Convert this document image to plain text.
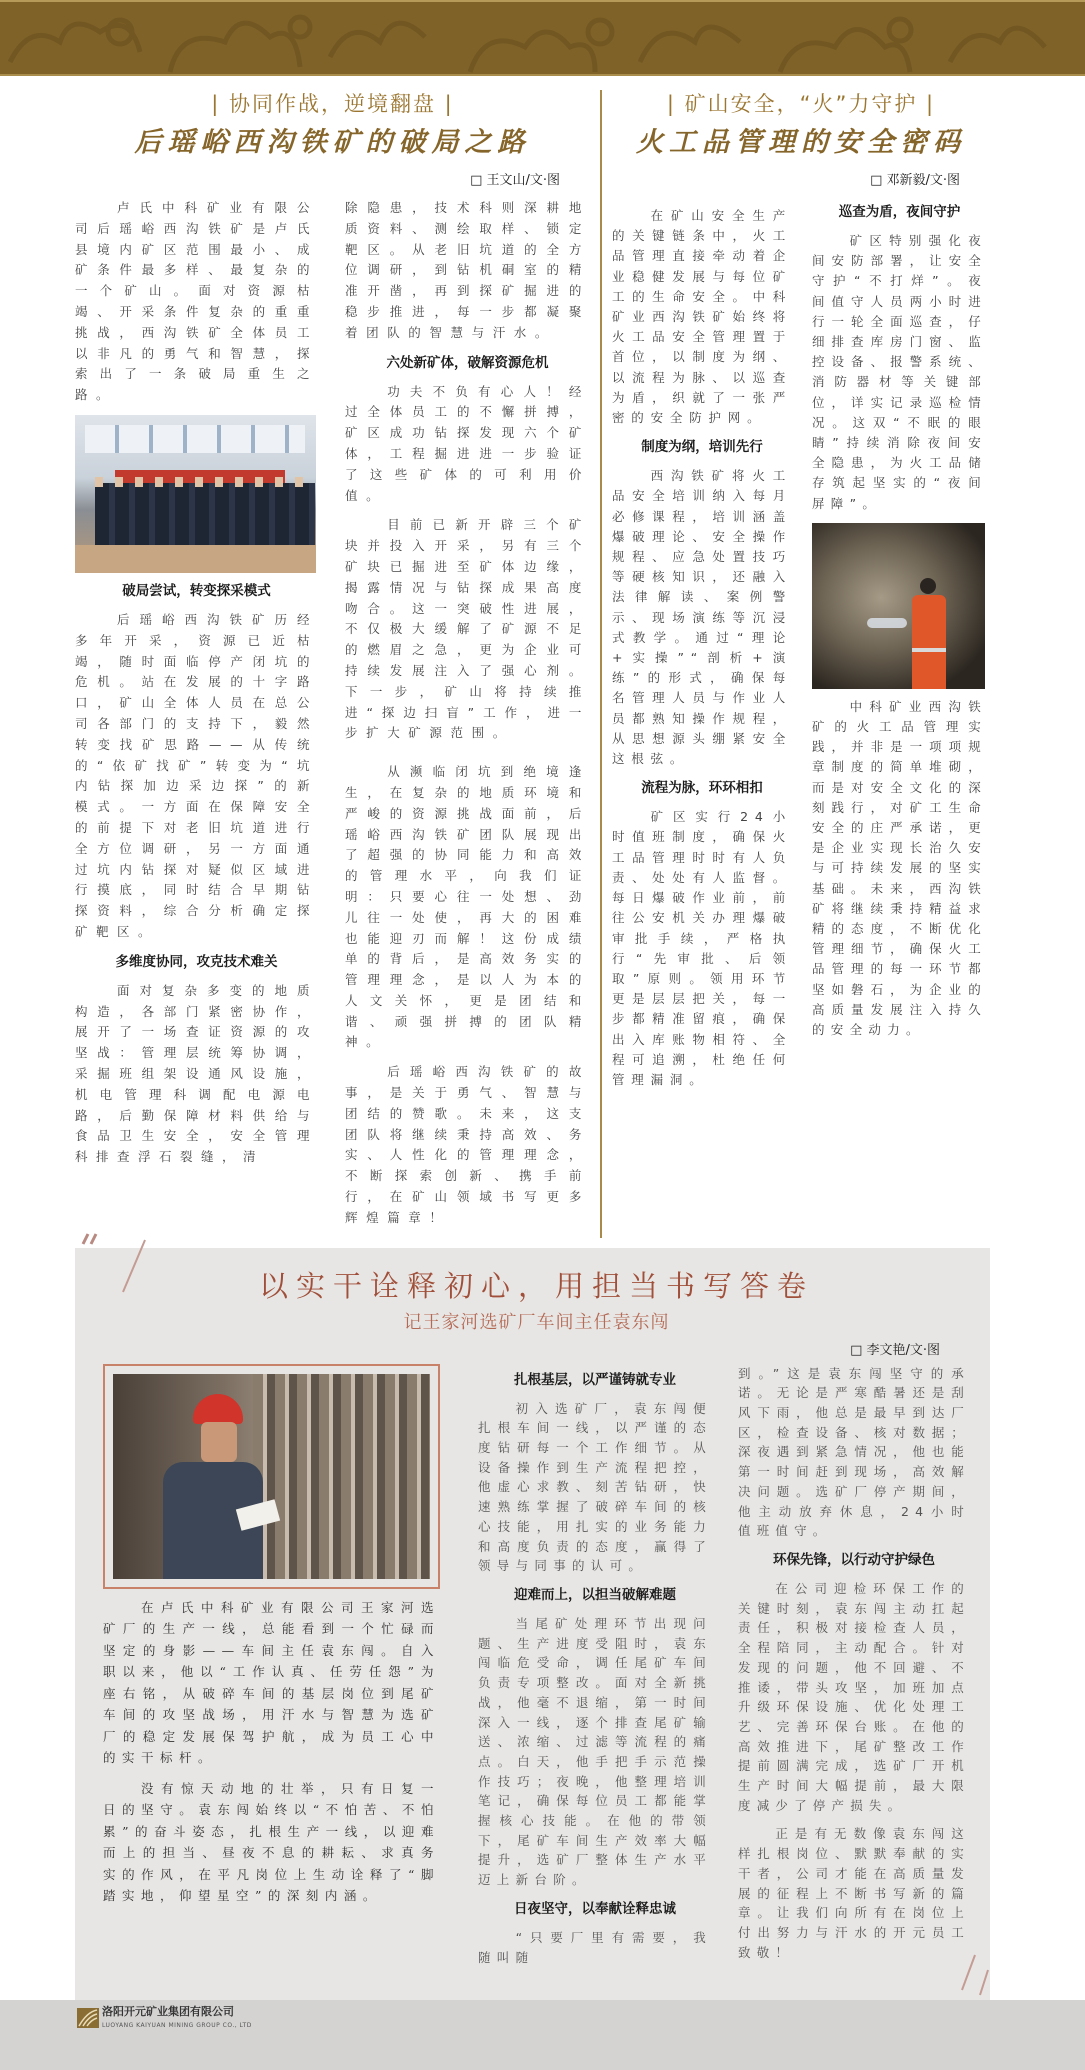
| 协同作战，逆境翻盘 |
后瑶峪西沟铁矿的破局之路
□ 王文山/文·图

卢氏中科矿业有限公司后瑶峪西沟铁矿是卢氏县境内矿区范围最小、成矿条件最多样、最复杂的一个矿山。面对资源枯竭、开采条件复杂的重重挑战，西沟铁矿全体员工以非凡的勇气和智慧，探索出了一条破局重生之路。

破局尝试，转变探采模式

后瑶峪西沟铁矿历经多年开采，资源已近枯竭，随时面临停产闭坑的危机。站在发展的十字路口，矿山全体人员在总公司各部门的支持下，毅然转变找矿思路——从传统的“依矿找矿”转变为“坑内钻探加边采边探”的新模式。一方面在保障安全的前提下对老旧坑道进行全方位调研，另一方面通过坑内钻探对疑似区域进行摸底，同时结合早期钻探资料，综合分析确定探矿靶区。

多维度协同，攻克技术难关

面对复杂多变的地质构造，各部门紧密协作，展开了一场查证资源的攻坚战：管理层统筹协调，采掘班组架设通风设施，机电管理科调配电源电路，后勤保障材料供给与食品卫生安全，安全管理科排查浮石裂缝，清

除隐患，技术科则深耕地质资料、测绘取样、锁定靶区。从老旧坑道的全方位调研，到钻机硐室的精准开凿，再到探矿掘进的稳步推进，每一步都凝聚着团队的智慧与汗水。

六处新矿体，破解资源危机

功夫不负有心人！经过全体员工的不懈拼搏，矿区成功钻探发现六个矿体，工程掘进进一步验证了这些矿体的可利用价值。

目前已新开辟三个矿块并投入开采，另有三个矿块已掘进至矿体边缘，揭露情况与钻探成果高度吻合。这一突破性进展，不仅极大缓解了矿源不足的燃眉之急，更为企业可持续发展注入了强心剂。下一步，矿山将持续推进“探边扫盲”工作，进一步扩大矿源范围。

从濒临闭坑到绝境逢生，在复杂的地质环境和严峻的资源挑战面前，后瑶峪西沟铁矿团队展现出了超强的协同能力和高效的管理水平，向我们证明：只要心往一处想、劲儿往一处使，再大的困难也能迎刃而解！这份成绩单的背后，是高效务实的管理理念，是以人为本的人文关怀，更是团结和谐、顽强拼搏的团队精神。

后瑶峪西沟铁矿的故事，是关于勇气、智慧与团结的赞歌。未来，这支团队将继续秉持高效、务实、人性化的管理理念，不断探索创新、携手前行，在矿山领域书写更多辉煌篇章！

| 矿山安全，“火”力守护 |
火工品管理的安全密码
□ 邓新毅/文·图

在矿山安全生产的关键链条中，火工品管理直接牵动着企业稳健发展与每位矿工的生命安全。中科矿业西沟铁矿始终将火工品安全管理置于首位，以制度为纲、以流程为脉、以巡查为盾，织就了一张严密的安全防护网。

制度为纲，培训先行

西沟铁矿将火工品安全培训纳入每月必修课程，培训涵盖爆破理论、安全操作规程、应急处置技巧等硬核知识，还融入法律解读、案例警示、现场演练等沉浸式教学。通过“理论+实操”“剖析+演练”的形式，确保每名管理人员与作业人员都熟知操作规程，从思想源头绷紧安全这根弦。

流程为脉，环环相扣

矿区实行24小时值班制度，确保火工品管理时时有人负责、处处有人监督。每日爆破作业前，前往公安机关办理爆破审批手续，严格执行“先审批、后领取”原则。领用环节更是层层把关，每一步都精准留痕，确保出入库账物相符、全程可追溯，杜绝任何管理漏洞。

巡查为盾，夜间守护

矿区特别强化夜间安防部署，让安全守护“不打烊”。夜间值守人员两小时进行一轮全面巡查，仔细排查库房门窗、监控设备、报警系统、消防器材等关键部位，详实记录巡检情况。这双“不眠的眼睛”持续消除夜间安全隐患，为火工品储存筑起坚实的“夜间屏障”。

中科矿业西沟铁矿的火工品管理实践，并非是一项项规章制度的简单堆砌，而是对安全文化的深刻践行，对矿工生命安全的庄严承诺，更是企业实现长治久安与可持续发展的坚实基础。未来，西沟铁矿将继续秉持精益求精的态度，不断优化管理细节，确保火工品管理的每一环节都坚如磐石，为企业的高质量发展注入持久的安全动力。

以实干诠释初心，用担当书写答卷
记王家河选矿厂车间主任袁东闯
□ 李文艳/文·图

在卢氏中科矿业有限公司王家河选矿厂的生产一线，总能看到一个忙碌而坚定的身影——车间主任袁东闯。自入职以来，他以“工作认真、任劳任怨”为座右铭，从破碎车间的基层岗位到尾矿车间的攻坚战场，用汗水与智慧为选矿厂的稳定发展保驾护航，成为员工心中的实干标杆。

没有惊天动地的壮举，只有日复一日的坚守。袁东闯始终以“不怕苦、不怕累”的奋斗姿态，扎根生产一线，以迎难而上的担当、昼夜不息的耕耘、求真务实的作风，在平凡岗位上生动诠释了“脚踏实地，仰望星空”的深刻内涵。

扎根基层，以严谨铸就专业

初入选矿厂，袁东闯便扎根车间一线，以严谨的态度钻研每一个工作细节。从设备操作到生产流程把控，他虚心求教、刻苦钻研，快速熟练掌握了破碎车间的核心技能，用扎实的业务能力和高度负责的态度，赢得了领导与同事的认可。

迎难而上，以担当破解难题

当尾矿处理环节出现问题、生产进度受阻时，袁东闯临危受命，调任尾矿车间负责专项整改。面对全新挑战，他毫不退缩，第一时间深入一线，逐个排查尾矿输送、浓缩、过滤等流程的痛点。白天，他手把手示范操作技巧；夜晚，他整理培训笔记，确保每位员工都能掌握核心技能。在他的带领下，尾矿车间生产效率大幅提升，选矿厂整体生产水平迈上新台阶。

日夜坚守，以奉献诠释忠诚

“只要厂里有需要，我随叫随

到。”这是袁东闯坚守的承诺。无论是严寒酷暑还是刮风下雨，他总是最早到达厂区，检查设备、核对数据；深夜遇到紧急情况，他也能第一时间赶到现场，高效解决问题。选矿厂停产期间，他主动放弃休息，24小时值班值守。

环保先锋，以行动守护绿色

在公司迎检环保工作的关键时刻，袁东闯主动扛起责任，积极对接检查人员，全程陪同，主动配合。针对发现的问题，他不回避、不推诿，带头攻坚，加班加点升级环保设施、优化处理工艺、完善环保台账。在他的高效推进下，尾矿整改工作提前圆满完成，选矿厂开机生产时间大幅提前，最大限度减少了停产损失。

正是有无数像袁东闯这样扎根岗位、默默奉献的实干者，公司才能在高质量发展的征程上不断书写新的篇章。让我们向所有在岗位上付出努力与汗水的开元员工致敬！

洛阳开元矿业集团有限公司
LUOYANG KAIYUAN MINING GROUP CO., LTD
